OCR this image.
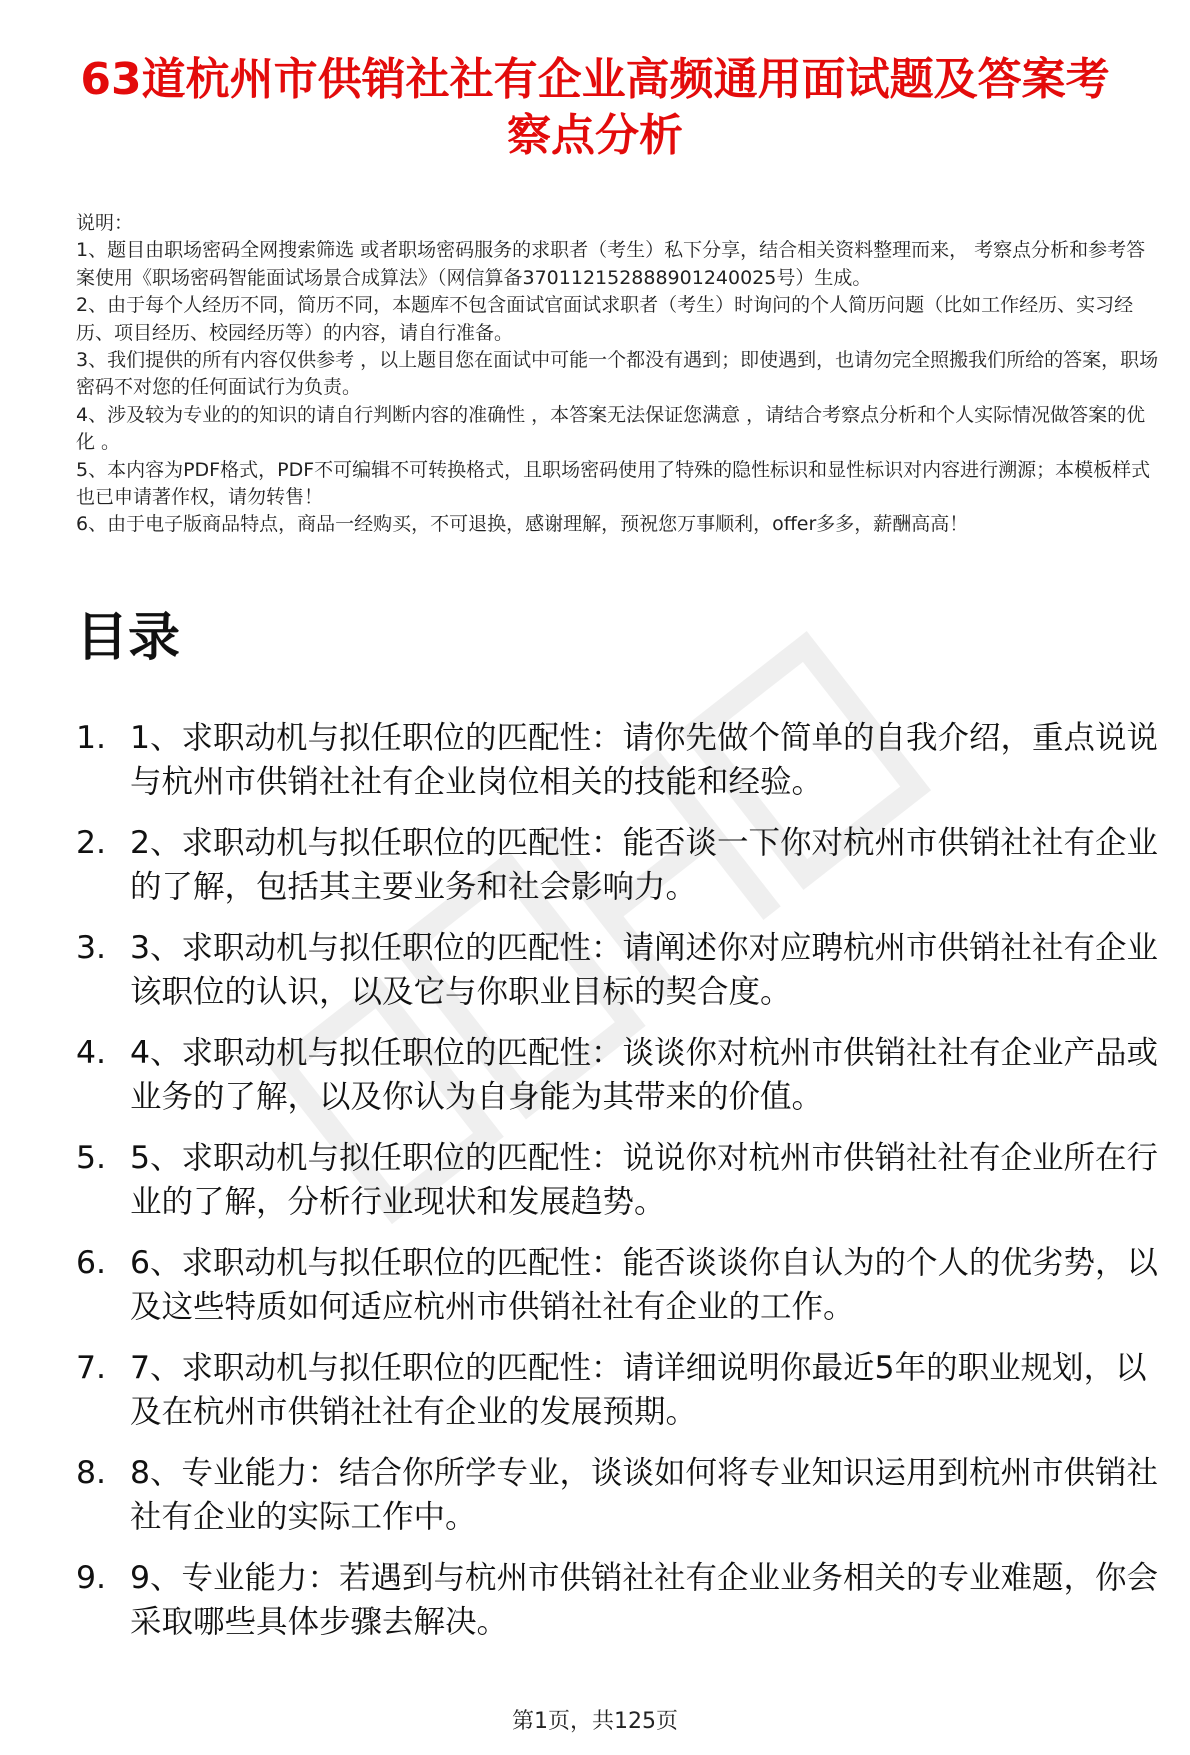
63道杭州市供销社社有企业高频通用面试题及答案考察点分析

说明：

1、题目由职场密码全网搜索筛选 或者职场密码服务的求职者（考生）私下分享，结合相关资料整理而来， 考察点分析和参考答案使用《职场密码智能面试场景合成算法》（网信算备370112152888901240025号）生成。

2、由于每个人经历不同，简历不同，本题库不包含面试官面试求职者（考生）时询问的个人简历问题（比如工作经历、实习经历、项目经历、校园经历等）的内容，请自行准备。

3、我们提供的所有内容仅供参考 ，以上题目您在面试中可能一个都没有遇到；即使遇到，也请勿完全照搬我们所给的答案，职场密码不对您的任何面试行为负责。

4、涉及较为专业的的知识的请自行判断内容的准确性 ，本答案无法保证您满意 ，请结合考察点分析和个人实际情况做答案的优化 。

5、本内容为PDF格式，PDF不可编辑不可转换格式，且职场密码使用了特殊的隐性标识和显性标识对内容进行溯源；本模板样式也已申请著作权，请勿转售！

6、由于电子版商品特点，商品一经购买，不可退换，感谢理解，预祝您万事顺利，offer多多，薪酬高高！

目录
1. 1、求职动机与拟任职位的匹配性：请你先做个简单的自我介绍，重点说说与杭州市供销社社有企业岗位相关的技能和经验。
2. 2、求职动机与拟任职位的匹配性：能否谈一下你对杭州市供销社社有企业的了解，包括其主要业务和社会影响力。
3. 3、求职动机与拟任职位的匹配性：请阐述你对应聘杭州市供销社社有企业该职位的认识，以及它与你职业目标的契合度。
4. 4、求职动机与拟任职位的匹配性：谈谈你对杭州市供销社社有企业产品或业务的了解，以及你认为自身能为其带来的价值。
5. 5、求职动机与拟任职位的匹配性：说说你对杭州市供销社社有企业所在行业的了解，分析行业现状和发展趋势。
6. 6、求职动机与拟任职位的匹配性：能否谈谈你自认为的个人的优劣势，以及这些特质如何适应杭州市供销社社有企业的工作。
7. 7、求职动机与拟任职位的匹配性：请详细说明你最近5年的职业规划，以及在杭州市供销社社有企业的发展预期。
8. 8、专业能力：结合你所学专业，谈谈如何将专业知识运用到杭州市供销社社有企业的实际工作中。
9. 9、专业能力：若遇到与杭州市供销社社有企业业务相关的专业难题，你会采取哪些具体步骤去解决。
第1页，共125页
